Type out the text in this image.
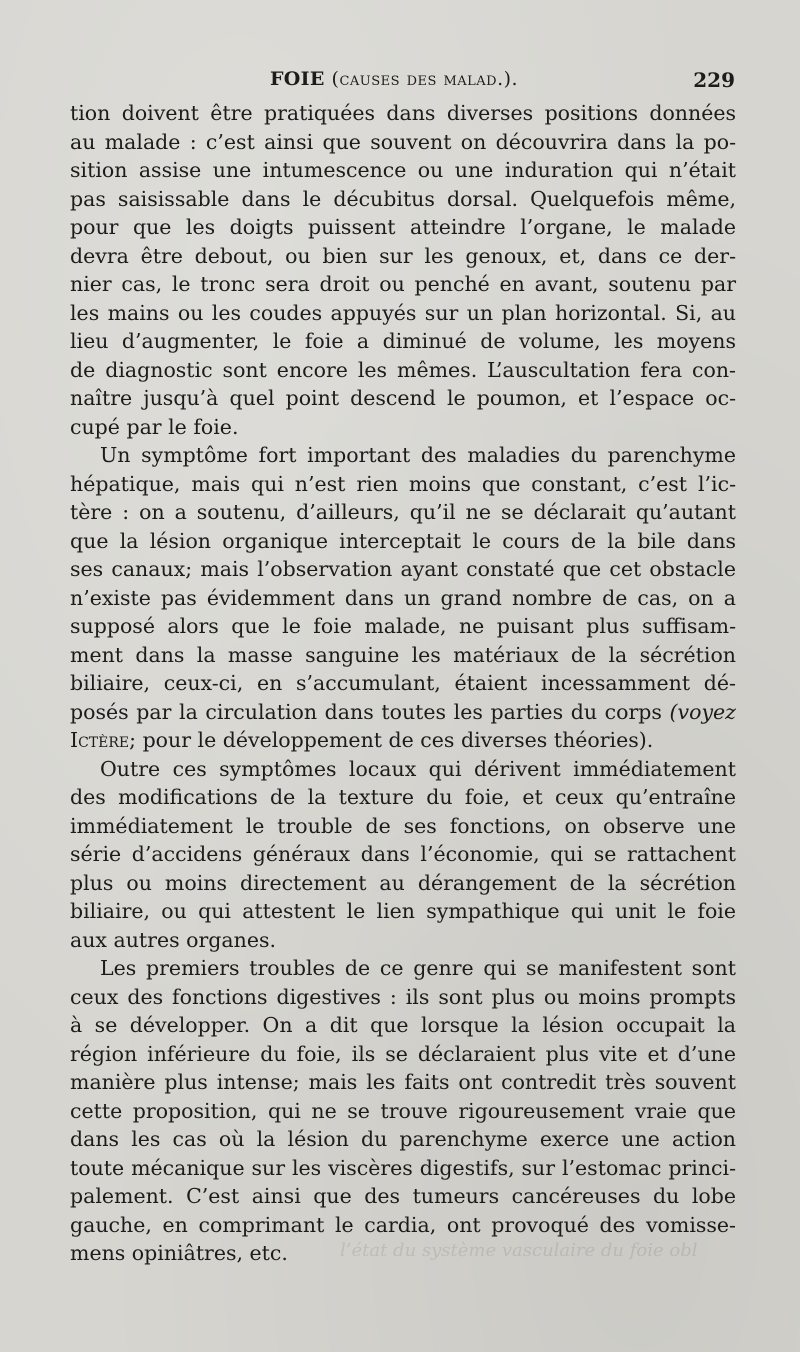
FOIE (causes des malad.).	229
tion doivent être pratiquées dans diverses positions données
au malade : c’est ainsi que souvent on découvrira dans la po-
sition assise une intumescence ou une induration qui n’était
pas saisissable dans le décubitus dorsal. Quelquefois même,
pour que les doigts puissent atteindre l’organe, le malade
devra être debout, ou bien sur les genoux, et, dans ce der-
nier cas, le tronc sera droit ou penché en avant, soutenu par
les mains ou les coudes appuyés sur un plan horizontal. Si, au
lieu d’augmenter, le foie a diminué de volume, les moyens
de diagnostic sont encore les mêmes. L’auscultation fera con-
naître jusqu’à quel point descend le poumon, et l’espace oc-
cupé par le foie.
Un symptôme fort important des maladies du parenchyme
hépatique, mais qui n’est rien moins que constant, c’est l’ic-
tère : on a soutenu, d’ailleurs, qu’il ne se déclarait qu’autant
que la lésion organique interceptait le cours de la bile dans
ses canaux; mais l’observation ayant constaté que cet obstacle
n’existe pas évidemment dans un grand nombre de cas, on a
supposé alors que le foie malade, ne puisant plus suffisam-
ment dans la masse sanguine les matériaux de la sécrétion
biliaire, ceux-ci, en s’accumulant, étaient incessamment dé-
posés par la circulation dans toutes les parties du corps (voyez
Ictère; pour le développement de ces diverses théories).
Outre ces symptômes locaux qui dérivent immédiatement
des modifications de la texture du foie, et ceux qu’entraîne
immédiatement le trouble de ses fonctions, on observe une
série d’accidens généraux dans l’économie, qui se rattachent
plus ou moins directement au dérangement de la sécrétion
biliaire, ou qui attestent le lien sympathique qui unit le foie
aux autres organes.
Les premiers troubles de ce genre qui se manifestent sont
ceux des fonctions digestives : ils sont plus ou moins prompts
à se développer. On a dit que lorsque la lésion occupait la
région inférieure du foie, ils se déclaraient plus vite et d’une
manière plus intense; mais les faits ont contredit très souvent
cette proposition, qui ne se trouve rigoureusement vraie que
dans les cas où la lésion du parenchyme exerce une action
toute mécanique sur les viscères digestifs, sur l’estomac princi-
palement. C’est ainsi que des tumeurs cancéreuses du lobe
gauche, en comprimant le cardia, ont provoqué des vomisse-
mens opiniâtres, etc.	l’état du système vasculaire du foie obl
